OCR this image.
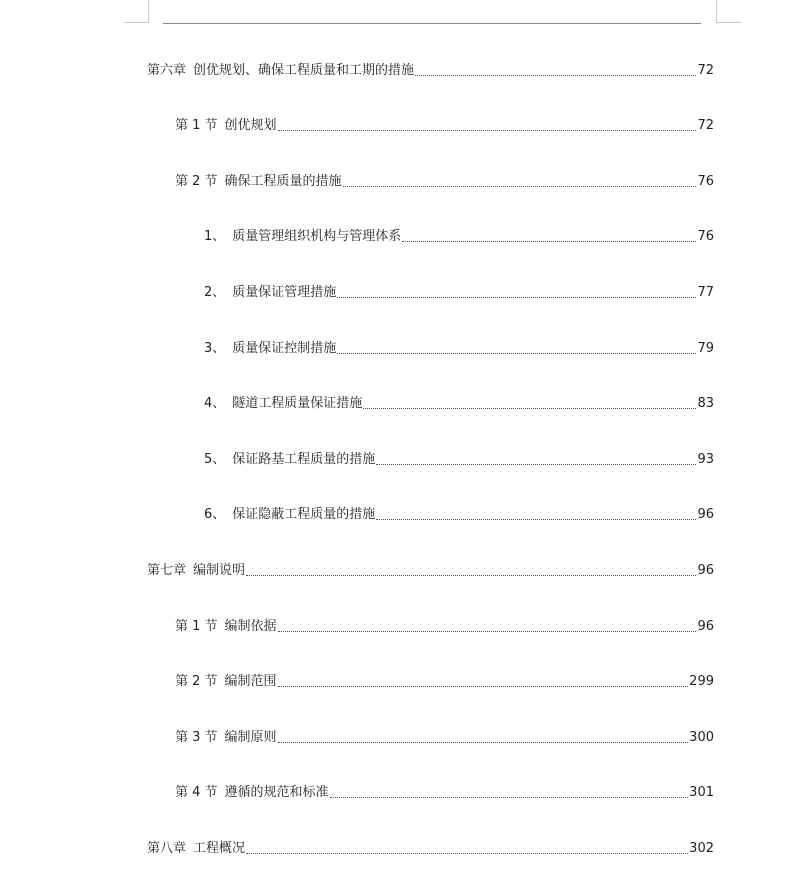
第六章 创优规划、确保工程质量和工期的措施	72
第 1 节 创优规划	72
第 2 节 确保工程质量的措施	76
1、 质量管理组织机构与管理体系	76
2、 质量保证管理措施	77
3、 质量保证控制措施	79
4、 隧道工程质量保证措施	83
5、 保证路基工程质量的措施	93
6、 保证隐蔽工程质量的措施	96
第七章 编制说明	96
第 1 节 编制依据	96
第 2 节 编制范围	299
第 3 节 编制原则	300
第 4 节 遵循的规范和标准	301
第八章 工程概况	302
